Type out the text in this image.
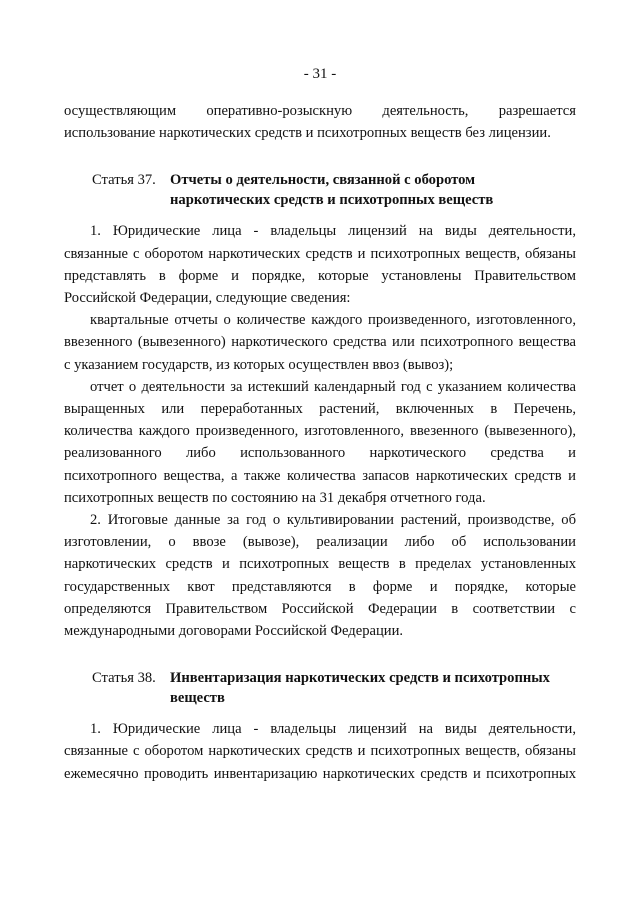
- 31 -
осуществляющим оперативно-розыскную деятельность, разрешается
использование наркотических средств и психотропных веществ без лицензии.
Статья 37. Отчеты о деятельности, связанной с оборотом
наркотических средств и психотропных веществ
1. Юридические лица - владельцы лицензий на виды деятельности,
связанные с оборотом наркотических средств и психотропных веществ, обязаны
представлять в форме и порядке, которые установлены Правительством
Российской Федерации, следующие сведения:
квартальные отчеты о количестве каждого произведенного, изготовленного,
ввезенного (вывезенного) наркотического средства или психотропного вещества
с указанием государств, из которых осуществлен ввоз (вывоз);
отчет о деятельности за истекший календарный год с указанием количества
выращенных или переработанных растений, включенных в Перечень,
количества каждого произведенного, изготовленного, ввезенного (вывезенного),
реализованного либо использованного наркотического средства и
психотропного вещества, а также количества запасов наркотических средств и
психотропных веществ по состоянию на 31 декабря отчетного года.
2. Итоговые данные за год о культивировании растений, производстве, об
изготовлении, о ввозе (вывозе), реализации либо об использовании
наркотических средств и психотропных веществ в пределах установленных
государственных квот представляются в форме и порядке, которые
определяются Правительством Российской Федерации в соответствии с
международными договорами Российской Федерации.
Статья 38. Инвентаризация наркотических средств и психотропных
веществ
1. Юридические лица - владельцы лицензий на виды деятельности,
связанные с оборотом наркотических средств и психотропных веществ, обязаны
ежемесячно проводить инвентаризацию наркотических средств и психотропных
